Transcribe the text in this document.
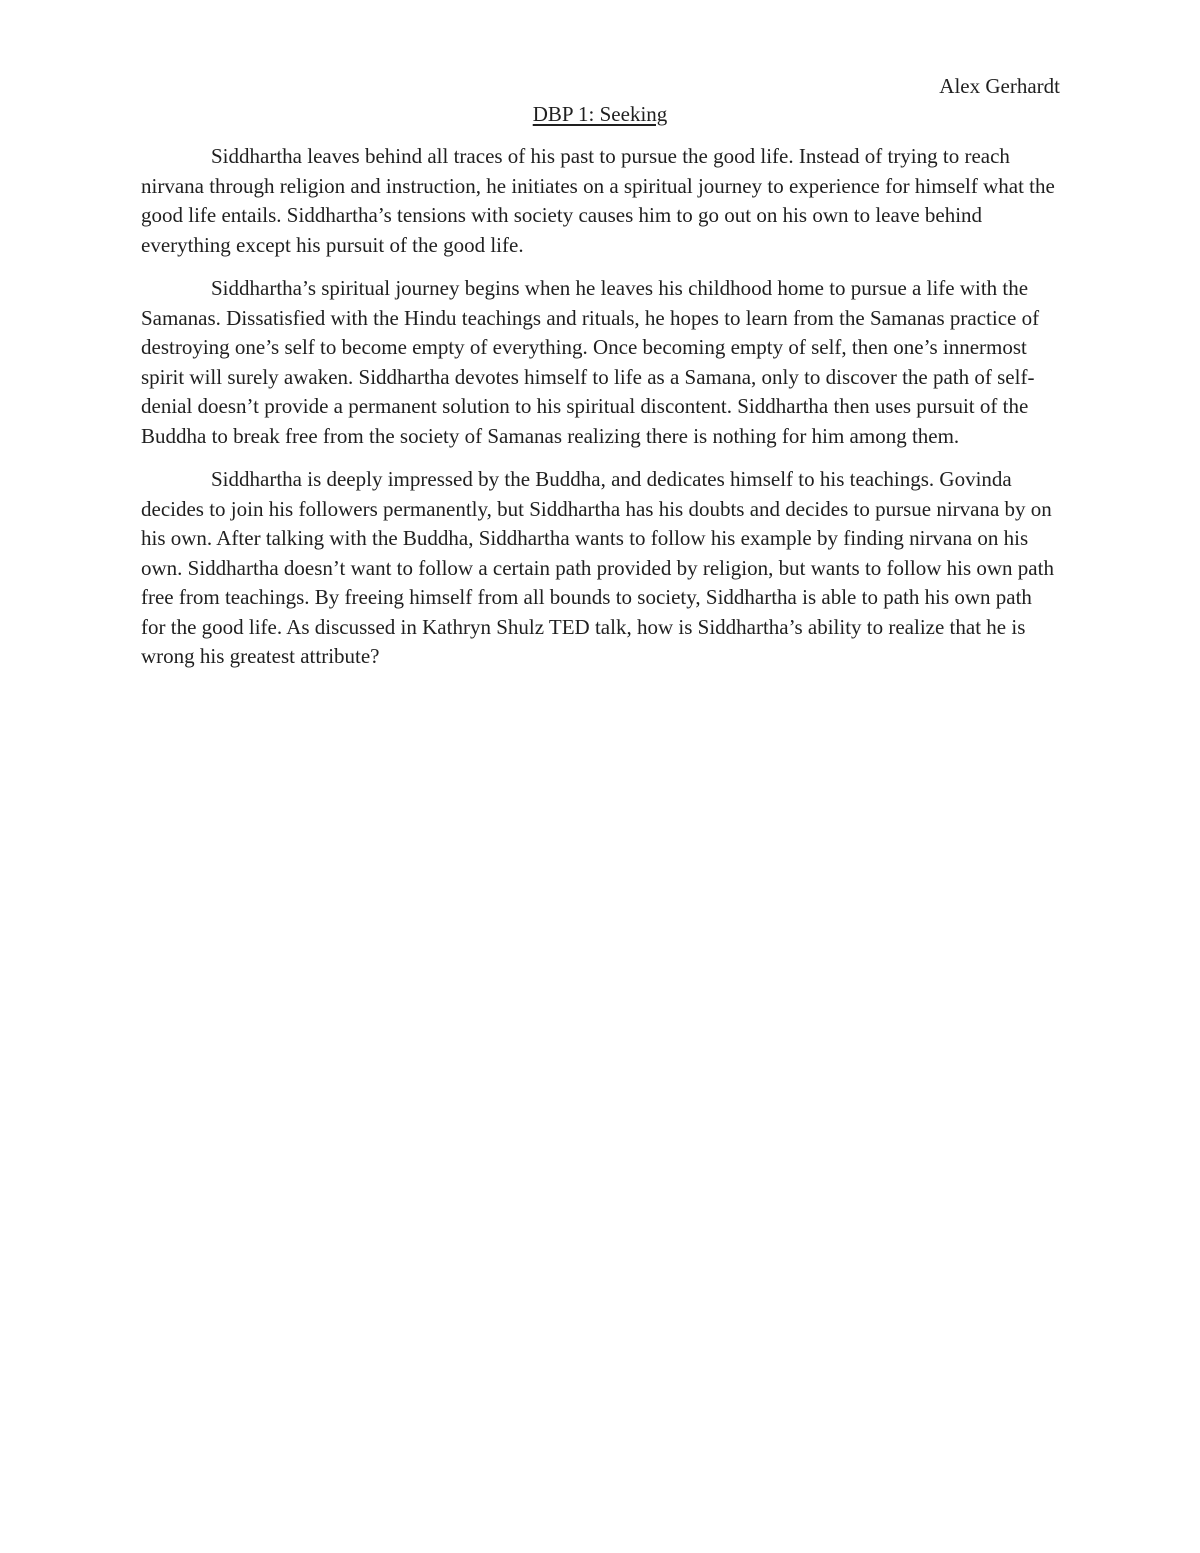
Alex Gerhardt
DBP 1: Seeking

Siddhartha leaves behind all traces of his past to pursue the good life. Instead of trying to reach nirvana through religion and instruction, he initiates on a spiritual journey to experience for himself what the good life entails. Siddhartha’s tensions with society causes him to go out on his own to leave behind everything except his pursuit of the good life.

Siddhartha’s spiritual journey begins when he leaves his childhood home to pursue a life with the Samanas. Dissatisfied with the Hindu teachings and rituals, he hopes to learn from the Samanas practice of destroying one’s self to become empty of everything. Once becoming empty of self, then one’s innermost spirit will surely awaken. Siddhartha devotes himself to life as a Samana, only to discover the path of self-denial doesn’t provide a permanent solution to his spiritual discontent. Siddhartha then uses pursuit of the Buddha to break free from the society of Samanas realizing there is nothing for him among them.

Siddhartha is deeply impressed by the Buddha, and dedicates himself to his teachings. Govinda decides to join his followers permanently, but Siddhartha has his doubts and decides to pursue nirvana by on his own. After talking with the Buddha, Siddhartha wants to follow his example by finding nirvana on his own. Siddhartha doesn’t want to follow a certain path provided by religion, but wants to follow his own path free from teachings. By freeing himself from all bounds to society, Siddhartha is able to path his own path for the good life. As discussed in Kathryn Shulz TED talk, how is Siddhartha’s ability to realize that he is wrong his greatest attribute?
